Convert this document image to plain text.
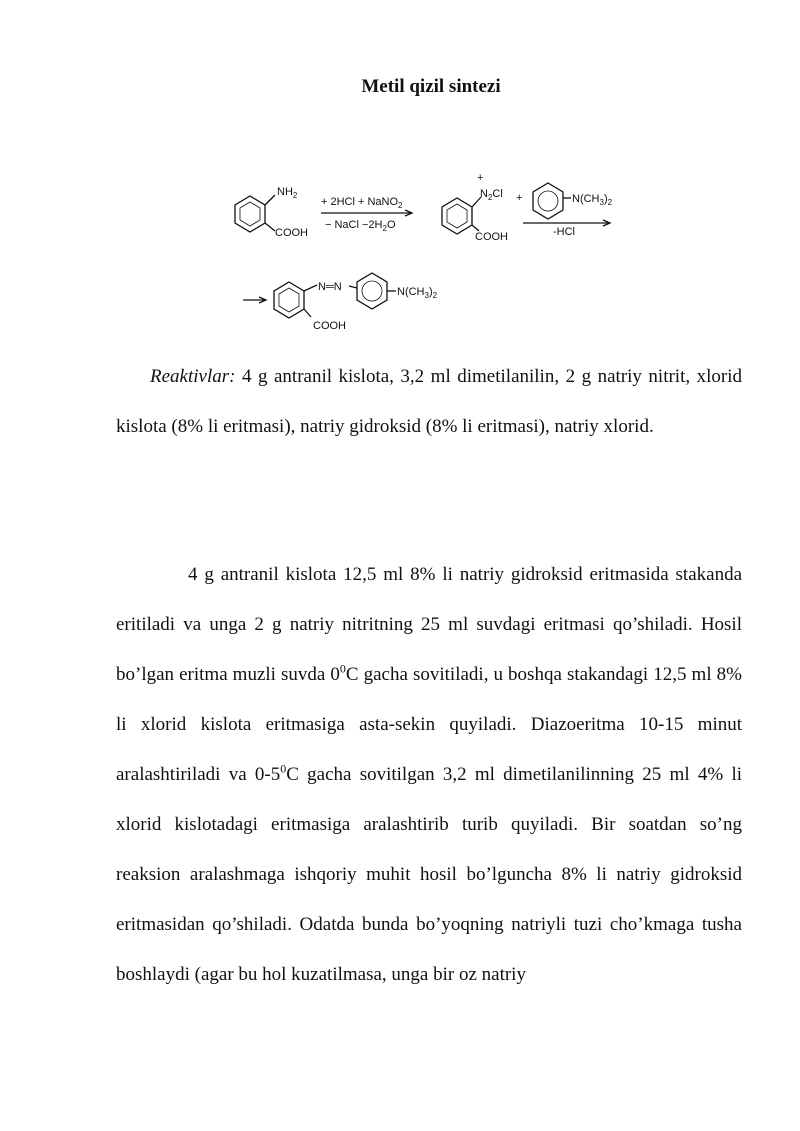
Metil qizil sintezi
$NH_2$
COOH
+ 2HCl + NaNO$_2$
− NaCl $-2H_2O$
+
$N_2Cl$
COOH
+	$N(CH_3)_2$
-HCl
N═N	$N(CH_3)_2$
COOH
Reaktivlar: 4 g antranil kislota, 3,2 ml dimetilanilin, 2 g natriy nitrit, xlorid kislota (8% li eritmasi), natriy gidroksid (8% li eritmasi), natriy xlorid.
4 g antranil kislota 12,5 ml 8% li natriy gidroksid eritmasida stakanda eritiladi va unga 2 g natriy nitritning 25 ml suvdagi eritmasi qo’shiladi. Hosil bo’lgan eritma muzli suvda $0^0C$ gacha sovitiladi, u boshqa stakandagi 12,5 ml 8% li xlorid kislota eritmasiga asta-sekin quyiladi. Diazoeritma 10-15 minut aralashtiriladi va $0-5^0C$ gacha sovitilgan 3,2 ml dimetilanilinning 25 ml 4% li xlorid kislotadagi eritmasiga aralashtirib turib quyiladi. Bir soatdan so’ng reaksion aralashmaga ishqoriy muhit hosil bo’lguncha 8% li natriy gidroksid eritmasidan qo’shiladi. Odatda bunda bo’yoqning natriyli tuzi cho’kmaga tusha boshlaydi (agar bu hol kuzatilmasa, unga bir oz natriy
